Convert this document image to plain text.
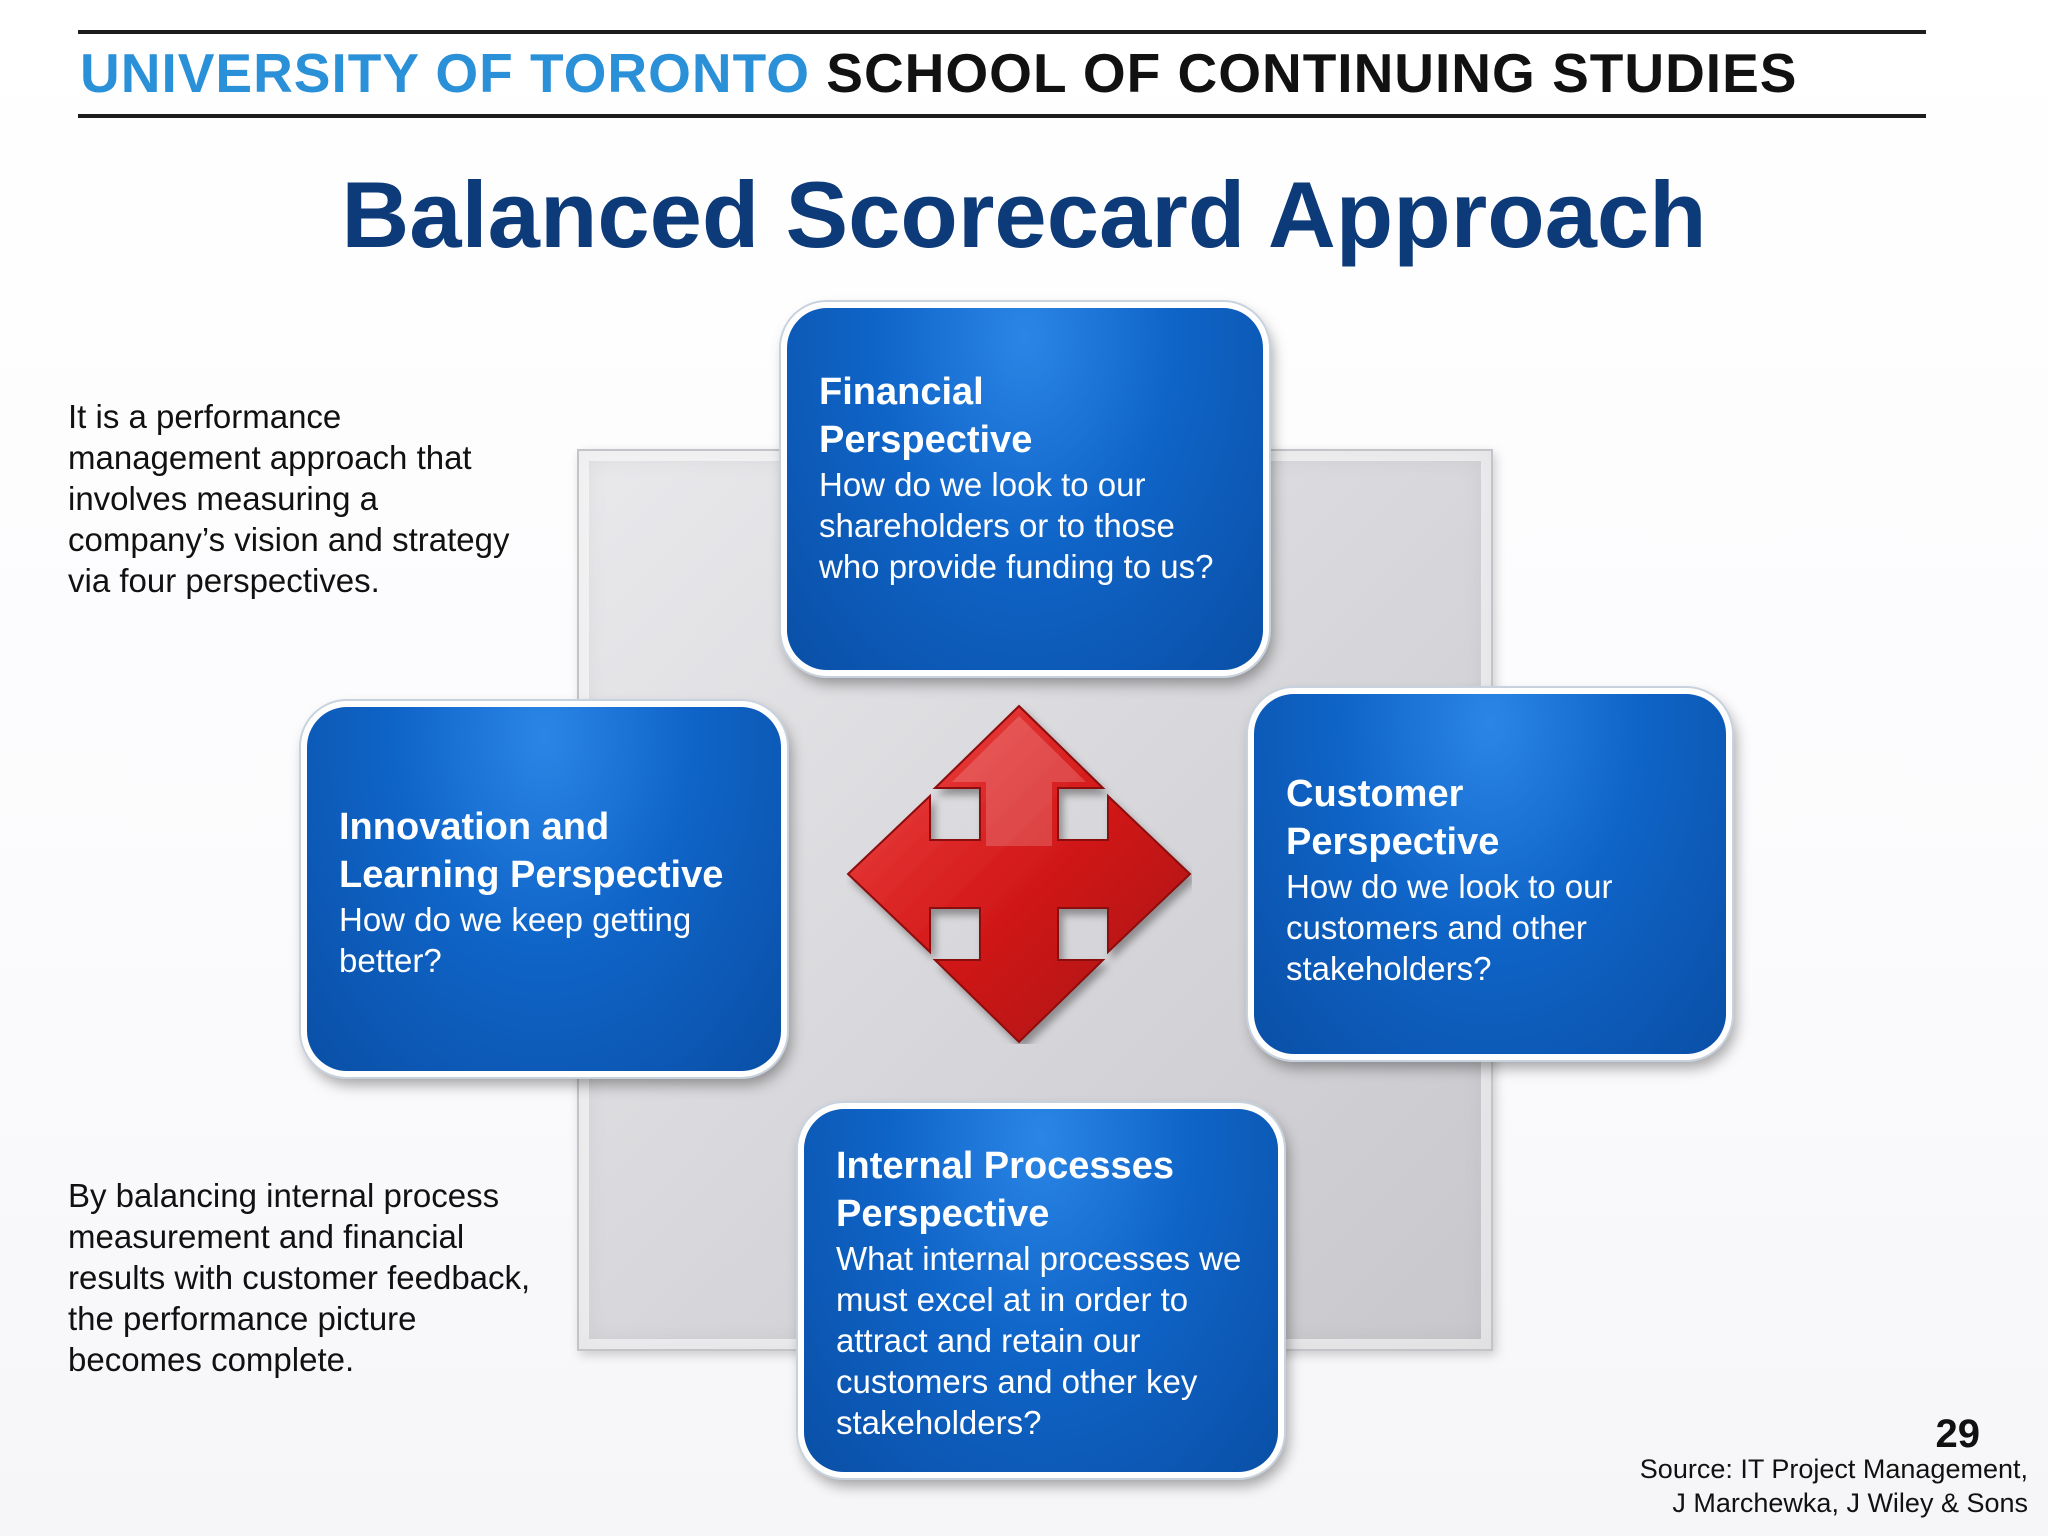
UNIVERSITY OF TORONTO SCHOOL OF CONTINUING STUDIES
Balanced Scorecard Approach
It is a performance management approach that involves measuring a company’s vision and strategy via four perspectives.
By balancing internal process measurement and financial results with customer feedback, the performance picture becomes complete.
Financial Perspective
How do we look to our shareholders or to those who provide funding to us?
Customer Perspective
How do we look to our customers and other stakeholders?
Innovation and Learning Perspective
How do we keep getting better?
Internal Processes Perspective
What internal processes we must excel at in order to attract and retain our customers and other key stakeholders?	29
Source: IT Project Management,
J Marchewka, J Wiley & Sons
